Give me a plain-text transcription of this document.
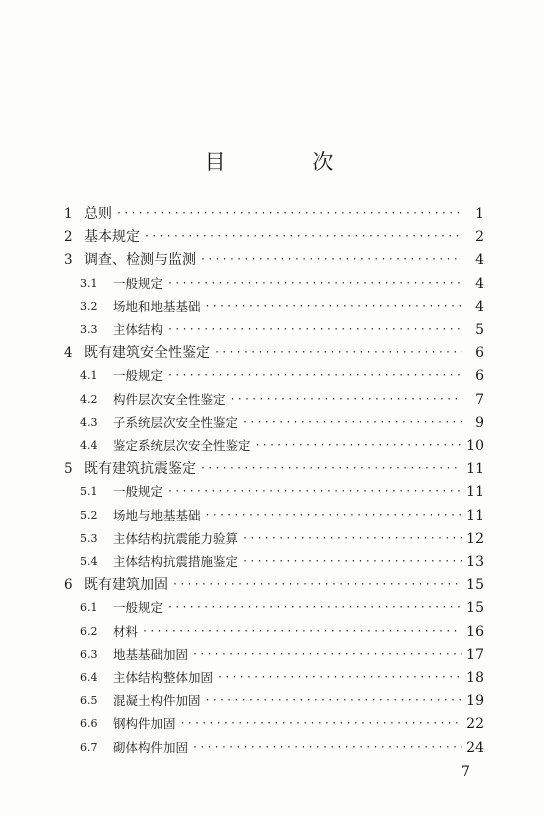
目 次
1 总则 ·····	1
2 基本规定 ·····	2
3 调查、检测与监测 ·····	4
3.1	一般规定 ·····	4
3.2	场地和地基基础 ·····	4
3.3	主体结构 ·····	5
4 既有建筑安全性鉴定 ·····	6
4.1	一般规定 ·····	6
4.2	构件层次安全性鉴定 ·····	7
4.3	子系统层次安全性鉴定 ·····	9
4.4	鉴定系统层次安全性鉴定 ·····	10
5 既有建筑抗震鉴定 ·····	11
5.1	一般规定 ·····	11
5.2	场地与地基基础 ·····	11
5.3	主体结构抗震能力验算 ·····	12
5.4	主体结构抗震措施鉴定 ·····	13
6 既有建筑加固 ·····	15
6.1	一般规定 ·····	15
6.2	材料 ·····	16
6.3	地基基础加固 ·····	17
6.4	主体结构整体加固 ·····	18
6.5	混凝土构件加固 ·····	19
6.6	钢构件加固 ·····	22
6.7	砌体构件加固 ·····	24
7
